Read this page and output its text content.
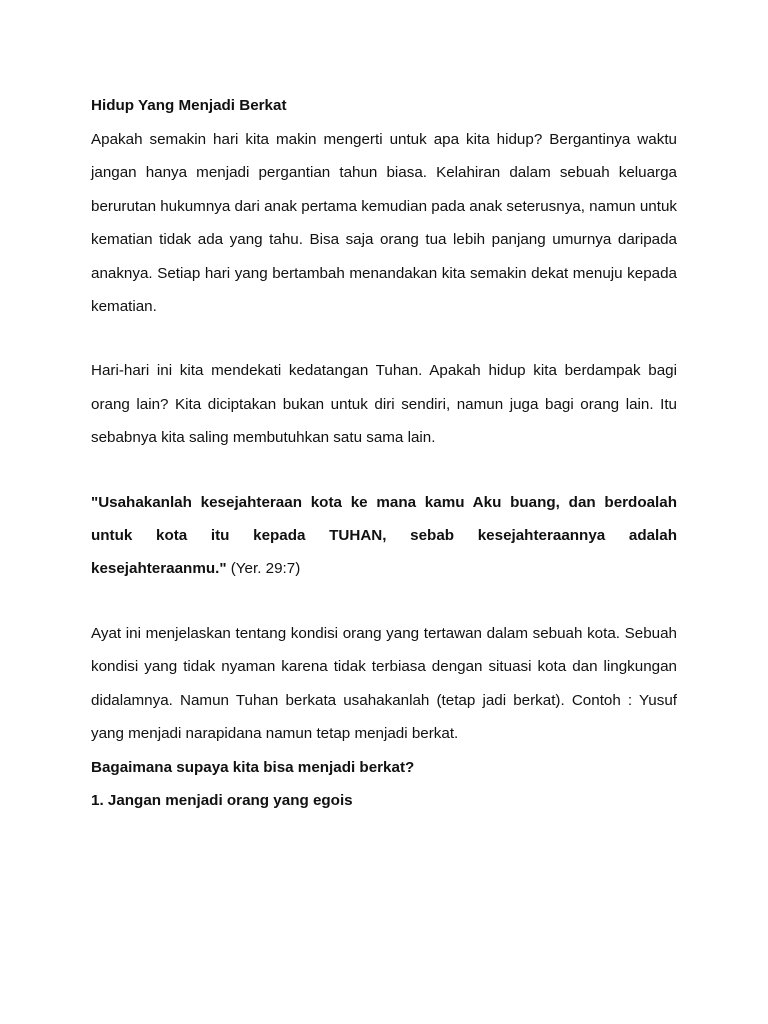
Hidup Yang Menjadi Berkat

Apakah semakin hari kita makin mengerti untuk apa kita hidup? Bergantinya waktu jangan hanya menjadi pergantian tahun biasa. Kelahiran dalam sebuah keluarga berurutan hukumnya dari anak pertama kemudian pada anak seterusnya, namun untuk kematian tidak ada yang tahu. Bisa saja orang tua lebih panjang umurnya daripada anaknya. Setiap hari yang bertambah menandakan kita semakin dekat menuju kepada kematian.

Hari-hari ini kita mendekati kedatangan Tuhan. Apakah hidup kita berdampak bagi orang lain? Kita diciptakan bukan untuk diri sendiri, namun juga bagi orang lain. Itu sebabnya kita saling membutuhkan satu sama lain.

"Usahakanlah kesejahteraan kota ke mana kamu Aku buang, dan berdoalah untuk kota itu kepada TUHAN, sebab kesejahteraannya adalah kesejahteraanmu." (Yer. 29:7)

Ayat ini menjelaskan tentang kondisi orang yang tertawan dalam sebuah kota. Sebuah kondisi yang tidak nyaman karena tidak terbiasa dengan situasi kota dan lingkungan didalamnya. Namun Tuhan berkata usahakanlah (tetap jadi berkat). Contoh : Yusuf yang menjadi narapidana namun tetap menjadi berkat.

Bagaimana supaya kita bisa menjadi berkat?

1. Jangan menjadi orang yang egois
